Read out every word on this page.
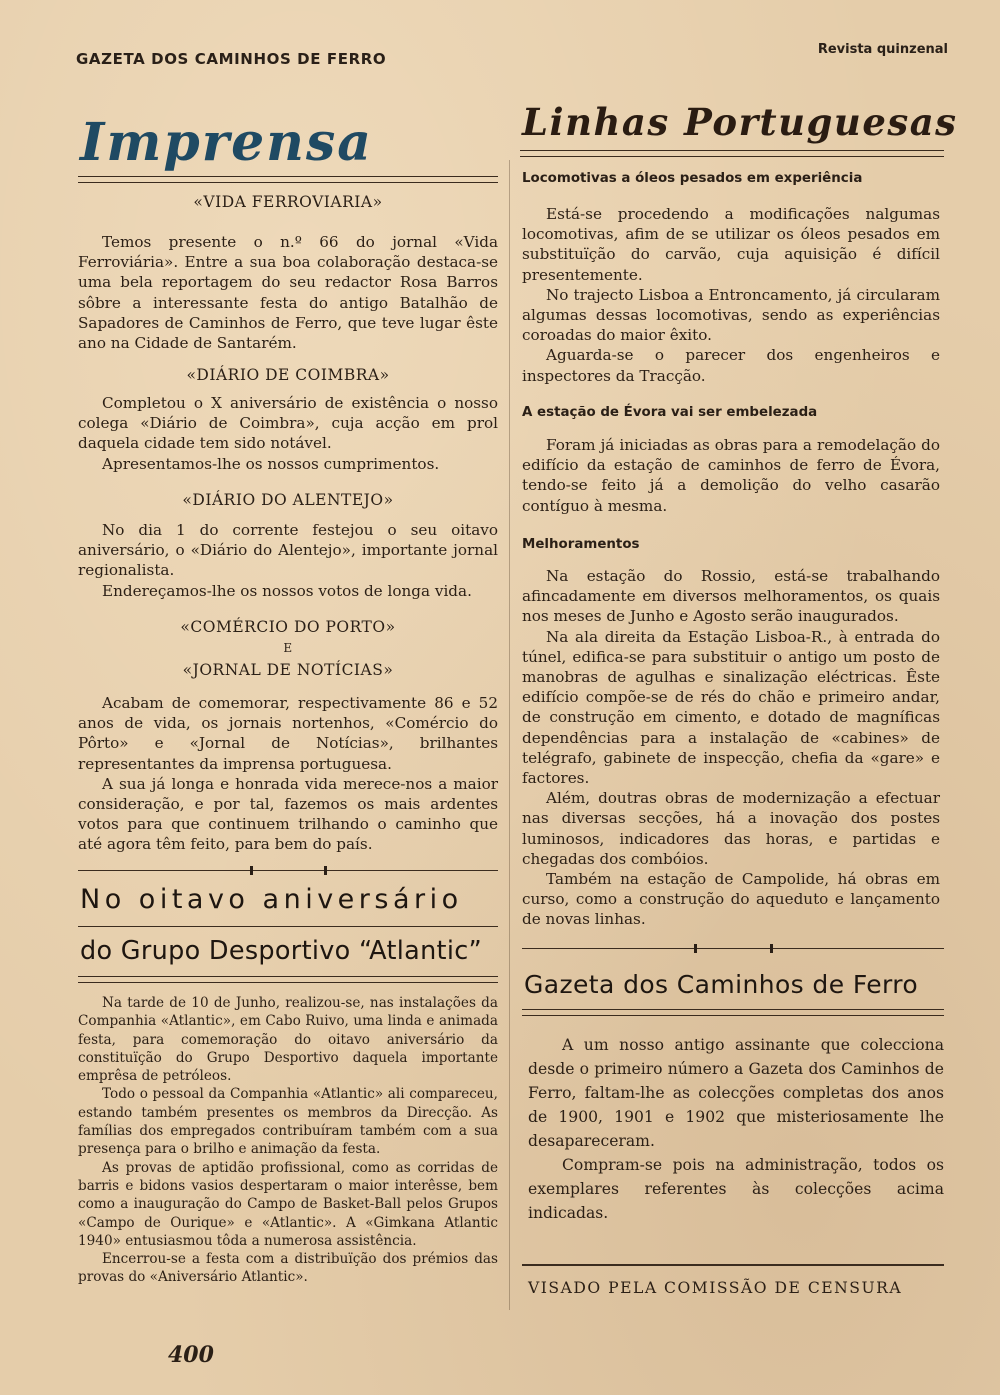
GAZETA DOS CAMINHOS DE FERRO
Revista quinzenal
Imprensa
«VIDA FERROVIARIA»

Temos presente o n.º 66 do jornal «Vida Ferroviária». Entre a sua boa colaboração destaca-se uma bela reportagem do seu redactor Rosa Barros sôbre a interessante festa do antigo Batalhão de Sapadores de Caminhos de Ferro, que teve lugar êste ano na Cidade de Santarém.

«DIÁRIO DE COIMBRA»

Completou o X aniversário de existência o nosso colega «Diário de Coimbra», cuja acção em prol daquela cidade tem sido notável.

Apresentamos-lhe os nossos cumprimentos.

«DIÁRIO DO ALENTEJO»

No dia 1 do corrente festejou o seu oitavo aniversário, o «Diário do Alentejo», importante jornal regionalista.

Endereçamos-lhe os nossos votos de longa vida.

«COMÉRCIO DO PORTO»
E
«JORNAL DE NOTÍCIAS»

Acabam de comemorar, respectivamente 86 e 52 anos de vida, os jornais nortenhos, «Comércio do Pôrto» e «Jornal de Notícias», brilhantes representantes da imprensa portuguesa.

A sua já longa e honrada vida merece-nos a maior consideração, e por tal, fazemos os mais ardentes votos para que continuem trilhando o caminho que até agora têm feito, para bem do país.

No oitavo aniversário
do Grupo Desportivo “Atlantic”

Na tarde de 10 de Junho, realizou-se, nas instalações da Companhia «Atlantic», em Cabo Ruivo, uma linda e animada festa, para comemoração do oitavo aniversário da constituïção do Grupo Desportivo daquela importante emprêsa de petróleos.

Todo o pessoal da Companhia «Atlantic» ali compareceu, estando também presentes os membros da Direcção. As famílias dos empregados contribuíram também com a sua presença para o brilho e animação da festa.

As provas de aptidão profissional, como as corridas de barris e bidons vasios despertaram o maior interêsse, bem como a inauguração do Campo de Basket-Ball pelos Grupos «Campo de Ourique» e «Atlantic». A «Gimkana Atlantic 1940» entusiasmou tôda a numerosa assistência.

Encerrou-se a festa com a distribuïção dos prémios das provas do «Aniversário Atlantic».

400
Linhas Portuguesas
Locomotivas a óleos pesados em experiência

Está-se procedendo a modificações nalgumas locomotivas, afim de se utilizar os óleos pesados em substituïção do carvão, cuja aquisição é difícil presentemente.

No trajecto Lisboa a Entroncamento, já circularam algumas dessas locomotivas, sendo as experiências coroadas do maior êxito.

Aguarda-se o parecer dos engenheiros e inspectores da Tracção.

A estação de Évora vai ser embelezada

Foram já iniciadas as obras para a remodelação do edifício da estação de caminhos de ferro de Évora, tendo-se feito já a demolição do velho casarão contíguo à mesma.

Melhoramentos

Na estação do Rossio, está-se trabalhando afincadamente em diversos melhoramentos, os quais nos meses de Junho e Agosto serão inaugurados.

Na ala direita da Estação Lisboa-R., à entrada do túnel, edifica-se para substituir o antigo um posto de manobras de agulhas e sinalização eléctricas. Êste edifício compõe-se de rés do chão e primeiro andar, de construção em cimento, e dotado de magníficas dependências para a instalação de «cabines» de telégrafo, gabinete de inspecção, chefia da «gare» e factores.

Além, doutras obras de modernização a efectuar nas diversas secções, há a inovação dos postes luminosos, indicadores das horas, e partidas e chegadas dos combóios.

Também na estação de Campolide, há obras em curso, como a construção do aqueduto e lançamento de novas linhas.

Gazeta dos Caminhos de Ferro

A um nosso antigo assinante que colecciona desde o primeiro número a Gazeta dos Caminhos de Ferro, faltam-lhe as colecções completas dos anos de 1900, 1901 e 1902 que misteriosamente lhe desapareceram.

Compram-se pois na administração, todos os exemplares referentes às colecções acima indicadas.

VISADO PELA COMISSÃO DE CENSURA
